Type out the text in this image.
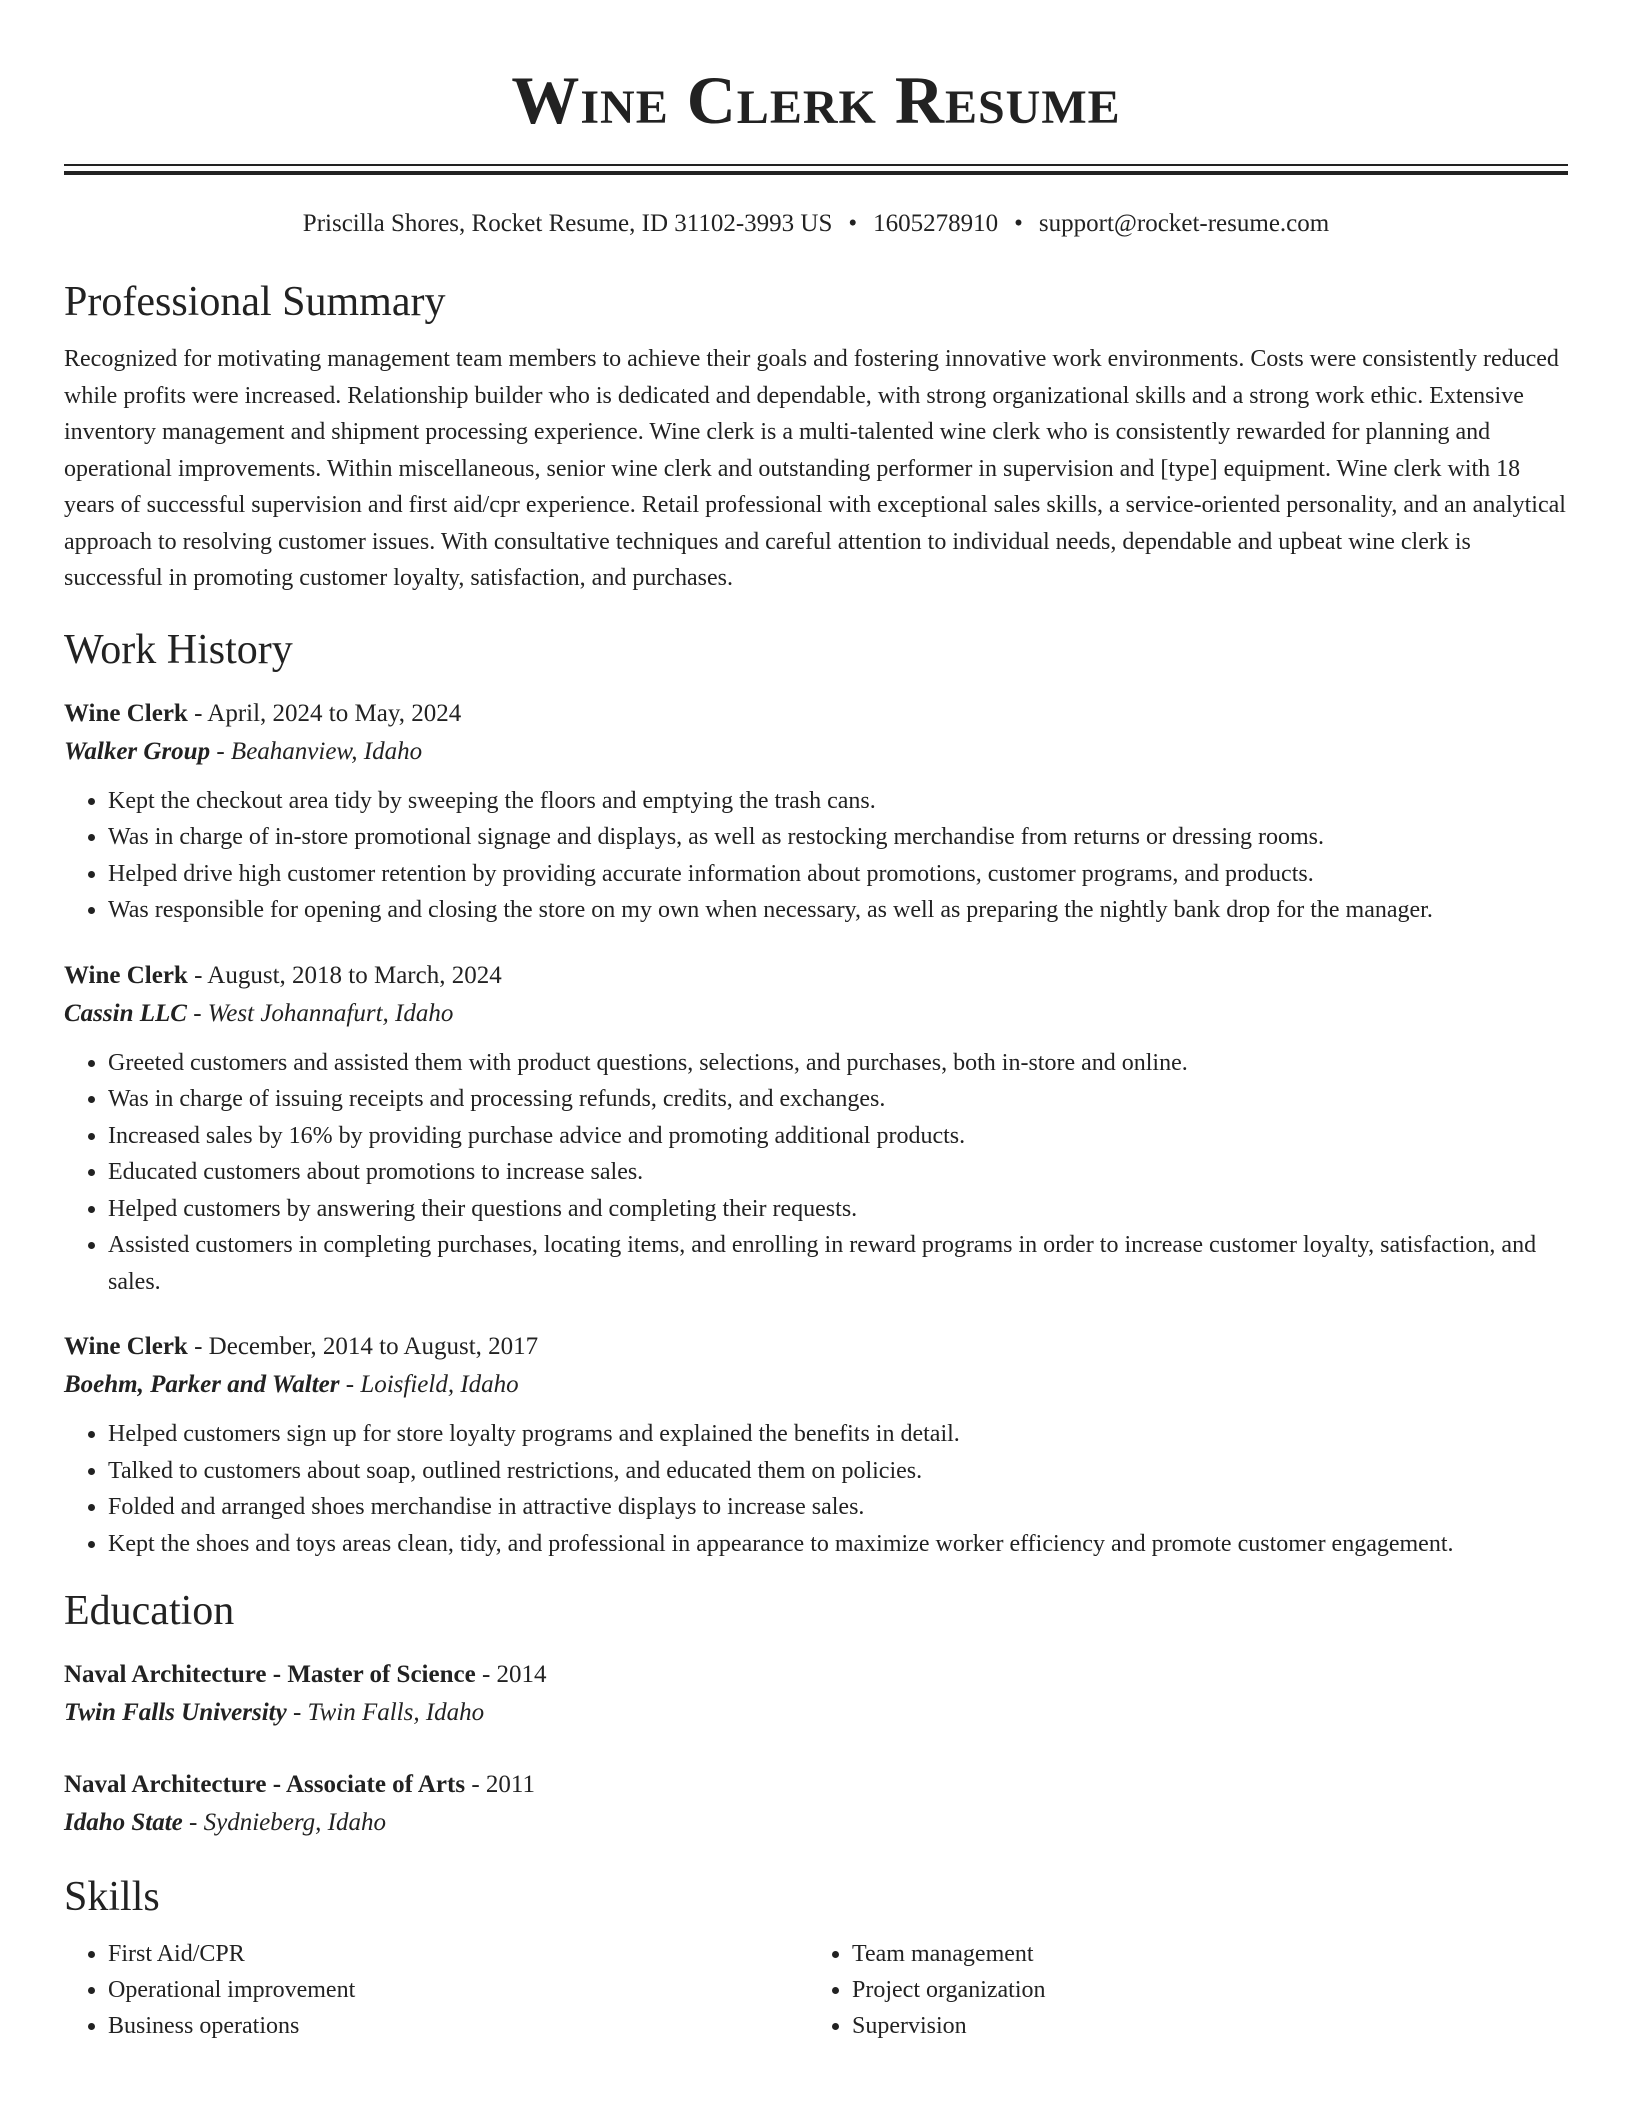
Wine Clerk Resume
Priscilla Shores, Rocket Resume, ID 31102-3993 US • 1605278910 • support@rocket-resume.com
Professional Summary

Recognized for motivating management team members to achieve their goals and fostering innovative work environments. Costs were consistently reduced while profits were increased. Relationship builder who is dedicated and dependable, with strong organizational skills and a strong work ethic. Extensive inventory management and shipment processing experience. Wine clerk is a multi-talented wine clerk who is consistently rewarded for planning and operational improvements. Within miscellaneous, senior wine clerk and outstanding performer in supervision and [type] equipment. Wine clerk with 18 years of successful supervision and first aid/cpr experience. Retail professional with exceptional sales skills, a service-oriented personality, and an analytical approach to resolving customer issues. With consultative techniques and careful attention to individual needs, dependable and upbeat wine clerk is successful in promoting customer loyalty, satisfaction, and purchases.

Work History
Wine Clerk - April, 2024 to May, 2024
Walker Group - Beahanview, Idaho
• Kept the checkout area tidy by sweeping the floors and emptying the trash cans.
• Was in charge of in-store promotional signage and displays, as well as restocking merchandise from returns or dressing rooms.
• Helped drive high customer retention by providing accurate information about promotions, customer programs, and products.
• Was responsible for opening and closing the store on my own when necessary, as well as preparing the nightly bank drop for the manager.
Wine Clerk - August, 2018 to March, 2024
Cassin LLC - West Johannafurt, Idaho
• Greeted customers and assisted them with product questions, selections, and purchases, both in-store and online.
• Was in charge of issuing receipts and processing refunds, credits, and exchanges.
• Increased sales by 16% by providing purchase advice and promoting additional products.
• Educated customers about promotions to increase sales.
• Helped customers by answering their questions and completing their requests.
• Assisted customers in completing purchases, locating items, and enrolling in reward programs in order to increase customer loyalty, satisfaction, and sales.
Wine Clerk - December, 2014 to August, 2017
Boehm, Parker and Walter - Loisfield, Idaho
• Helped customers sign up for store loyalty programs and explained the benefits in detail.
• Talked to customers about soap, outlined restrictions, and educated them on policies.
• Folded and arranged shoes merchandise in attractive displays to increase sales.
• Kept the shoes and toys areas clean, tidy, and professional in appearance to maximize worker efficiency and promote customer engagement.
Education
Naval Architecture - Master of Science - 2014
Twin Falls University - Twin Falls, Idaho
Naval Architecture - Associate of Arts - 2011
Idaho State - Sydnieberg, Idaho
Skills
• First Aid/CPR
• Operational improvement
• Business operations
• Team management
• Project organization
• Supervision
